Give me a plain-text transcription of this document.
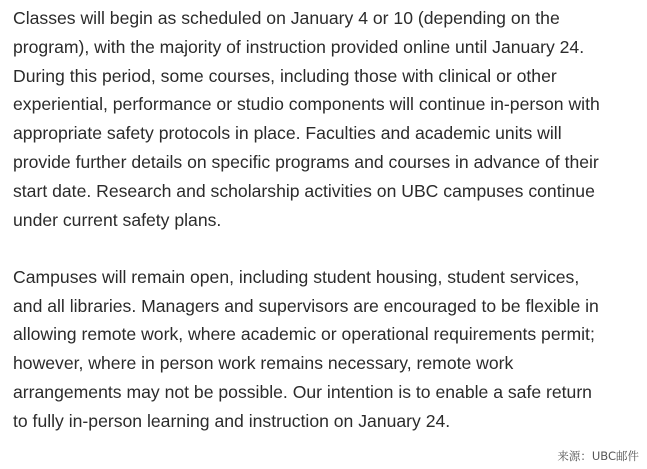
Classes will begin as scheduled on January 4 or 10 (depending on the
program), with the majority of instruction provided online until January 24.
During this period, some courses, including those with clinical or other
experiential, performance or studio components will continue in-person with
appropriate safety protocols in place. Faculties and academic units will
provide further details on specific programs and courses in advance of their
start date. Research and scholarship activities on UBC campuses continue
under current safety plans.
Campuses will remain open, including student housing, student services,
and all libraries. Managers and supervisors are encouraged to be flexible in
allowing remote work, where academic or operational requirements permit;
however, where in person work remains necessary, remote work
arrangements may not be possible. Our intention is to enable a safe return
to fully in-person learning and instruction on January 24.
来源：UBC邮件
